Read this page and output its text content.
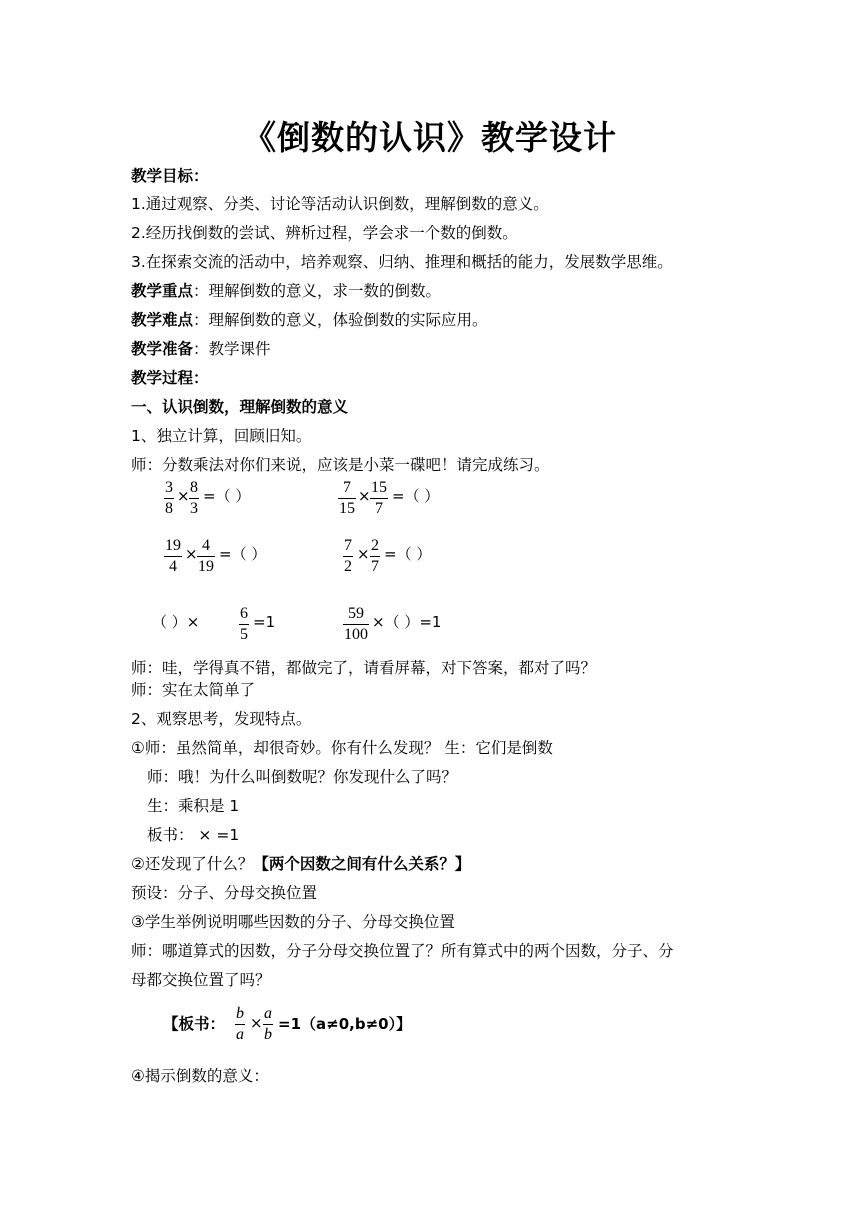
《倒数的认识》教学设计
教学目标：
1.通过观察、分类、讨论等活动认识倒数，理解倒数的意义。
2.经历找倒数的尝试、辨析过程，学会求一个数的倒数。
3.在探索交流的活动中，培养观察、归纳、推理和概括的能力，发展数学思维。
教学重点：理解倒数的意义，求一数的倒数。
教学难点：理解倒数的意义，体验倒数的实际应用。
教学准备：教学课件
教学过程：
一、认识倒数，理解倒数的意义
1、独立计算，回顾旧知。
师：分数乘法对你们来说，应该是小菜一碟吧！请完成练习。
3
8
× 8
3
=（ ）	7
15
× 15
7
=（ ）
19
4
× 4
19
=（ ）	7
2
× 2
7
=（ ）
（ ）×	6
5
=1	59
100
×（ ）=1
师：哇，学得真不错，都做完了，请看屏幕，对下答案，都对了吗？
师：实在太简单了
2、观察思考，发现特点。
①师：虽然简单，却很奇妙。你有什么发现？ 生：它们是倒数
师：哦！为什么叫倒数呢？你发现什么了吗？
生：乘积是 1
板书： × =1
②还发现了什么？【两个因数之间有什么关系？】
预设：分子、分母交换位置
③学生举例说明哪些因数的分子、分母交换位置
师：哪道算式的因数，分子分母交换位置了？所有算式中的两个因数，分子、分
母都交换位置了吗？
【板书：
b
a
×
a
b
=1（a≠0,b≠0）】
④揭示倒数的意义：
